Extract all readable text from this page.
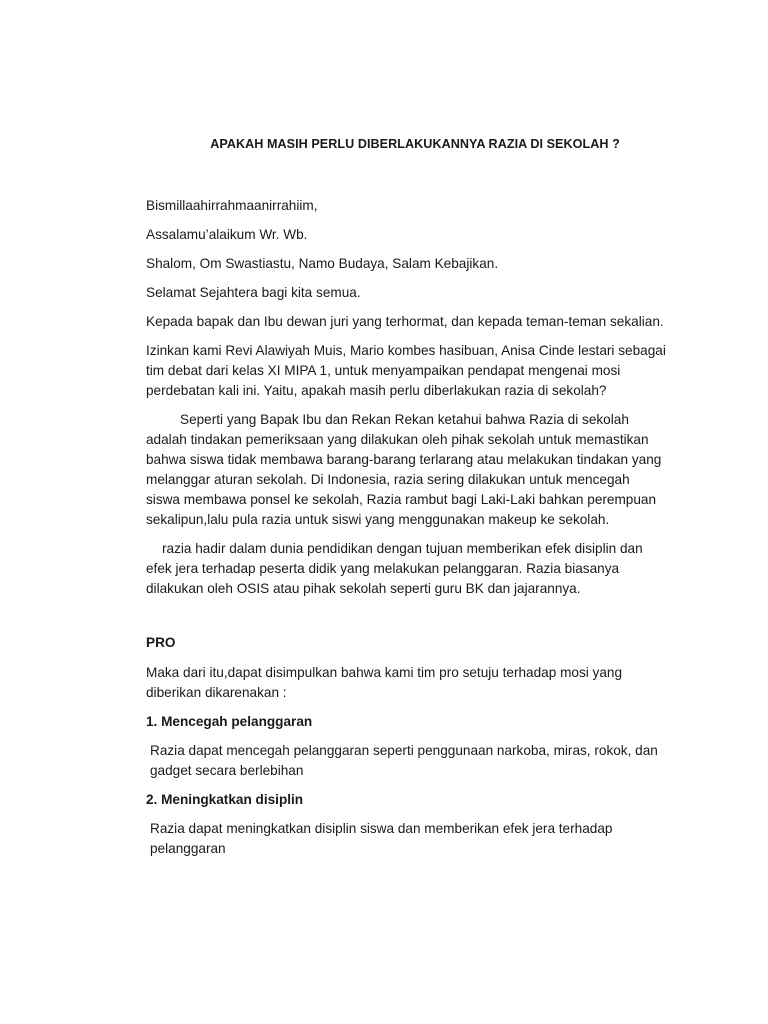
APAKAH MASIH PERLU DIBERLAKUKANNYA RAZIA DI SEKOLAH ?

Bismillaahirrahmaanirrahiim,

Assalamu’alaikum Wr. Wb.

Shalom, Om Swastiastu, Namo Budaya, Salam Kebajikan.

Selamat Sejahtera bagi kita semua.

Kepada bapak dan Ibu dewan juri yang terhormat, dan kepada teman-teman sekalian.

Izinkan kami Revi Alawiyah Muis, Mario kombes hasibuan, Anisa Cinde lestari sebagai tim debat dari kelas XI MIPA 1, untuk menyampaikan pendapat mengenai mosi perdebatan kali ini. Yaitu, apakah masih perlu diberlakukan razia di sekolah?

Seperti yang Bapak Ibu dan Rekan Rekan ketahui bahwa Razia di sekolah adalah tindakan pemeriksaan yang dilakukan oleh pihak sekolah untuk memastikan bahwa siswa tidak membawa barang-barang terlarang atau melakukan tindakan yang melanggar aturan sekolah. Di Indonesia, razia sering dilakukan untuk mencegah siswa membawa ponsel ke sekolah, Razia rambut bagi Laki-Laki bahkan perempuan sekalipun,lalu pula razia untuk siswi yang menggunakan makeup ke sekolah.

razia hadir dalam dunia pendidikan dengan tujuan memberikan efek disiplin dan efek jera terhadap peserta didik yang melakukan pelanggaran. Razia biasanya dilakukan oleh OSIS atau pihak sekolah seperti guru BK dan jajarannya.

PRO

Maka dari itu,dapat disimpulkan bahwa kami tim pro setuju terhadap mosi yang diberikan dikarenakan :

1. Mencegah pelanggaran

Razia dapat mencegah pelanggaran seperti penggunaan narkoba, miras, rokok, dan gadget secara berlebihan

2. Meningkatkan disiplin

Razia dapat meningkatkan disiplin siswa dan memberikan efek jera terhadap pelanggaran
